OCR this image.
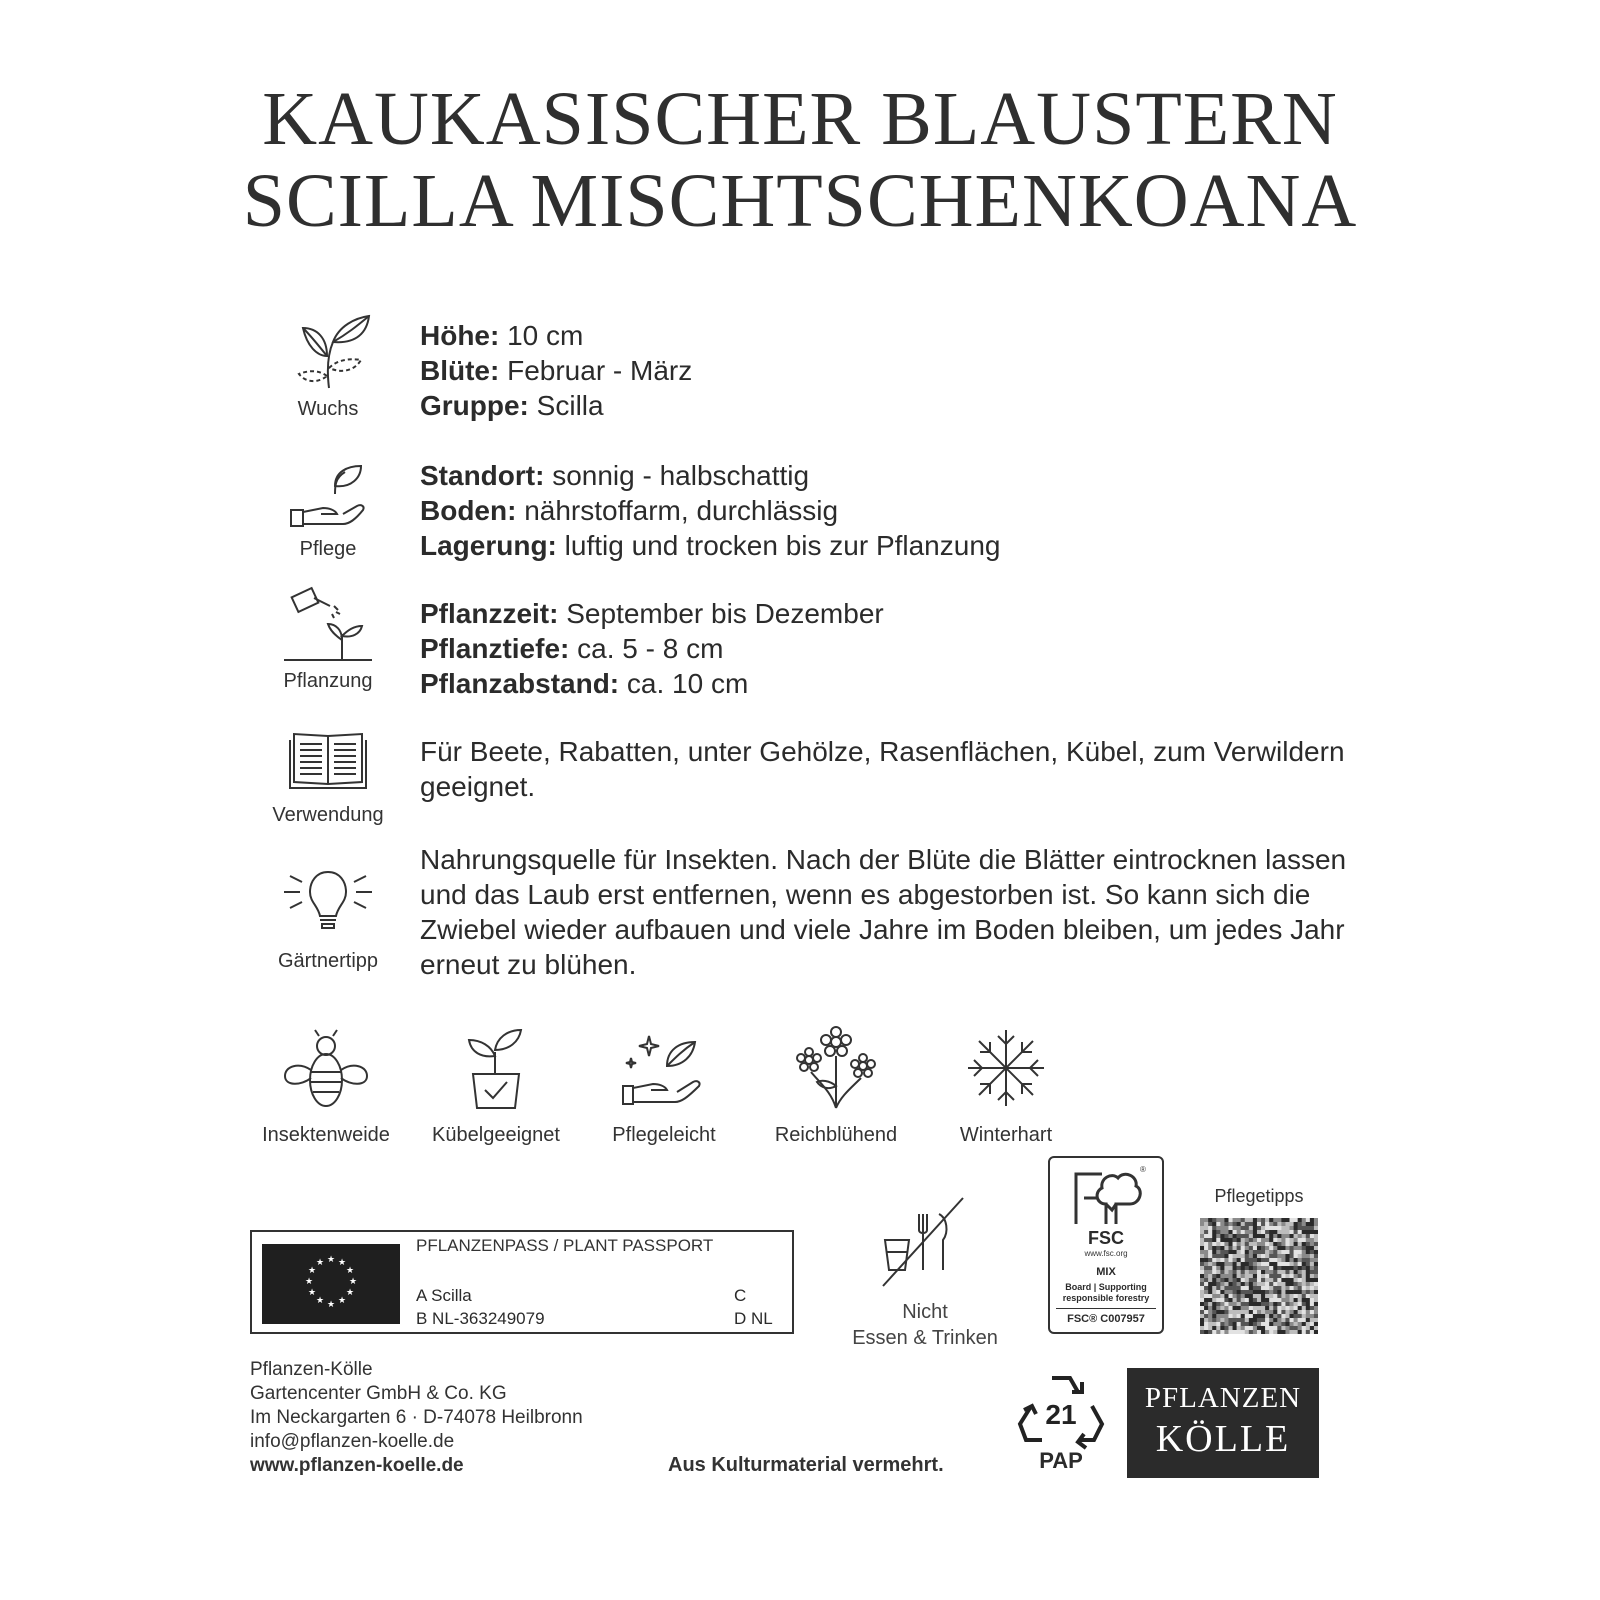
KAUKASISCHER BLAUSTERN
SCILLA MISCHTSCHENKOANA
Wuchs
Höhe: 10 cm
Blüte: Februar - März
Gruppe: Scilla
Pflege
Standort: sonnig - halbschattig
Boden: nährstoffarm, durchlässig
Lagerung: luftig und trocken bis zur Pflanzung
Pflanzung
Pflanzzeit: September bis Dezember
Pflanztiefe: ca. 5 - 8 cm
Pflanzabstand: ca. 10 cm
Verwendung
Für Beete, Rabatten, unter Gehölze, Rasenflächen, Kübel, zum Verwildern geeignet.
Gärtnertipp
Nahrungsquelle für Insekten. Nach der Blüte die Blätter eintrocknen lassen und das Laub erst entfernen, wenn es abgestorben ist. So kann sich die Zwiebel wieder aufbauen und viele Jahre im Boden bleiben, um jedes Jahr erneut zu blühen.
Insektenweide	Kübelgeeignet	Pflegeleicht	Reichblühend	Winterhart
★ ★
★
★
★
★
★
★
★
★
★
★
PFLANZENPASS / PLANT PASSPORT
A Scilla
B NL-363249079
C
D NL	Nicht
Essen & Trinken
®
FSC
www.fsc.org
MIX
Board | Supporting
responsible forestry
FSC® C007957
Pflegetipps
Pflanzen-Kölle
Gartencenter GmbH & Co. KG
Im Neckargarten 6 · D-74078 Heilbronn
info@pflanzen-koelle.de
www.pflanzen-koelle.de	Aus Kulturmaterial vermehrt.
21
PAP
PFLANZEN
KÖLLE
